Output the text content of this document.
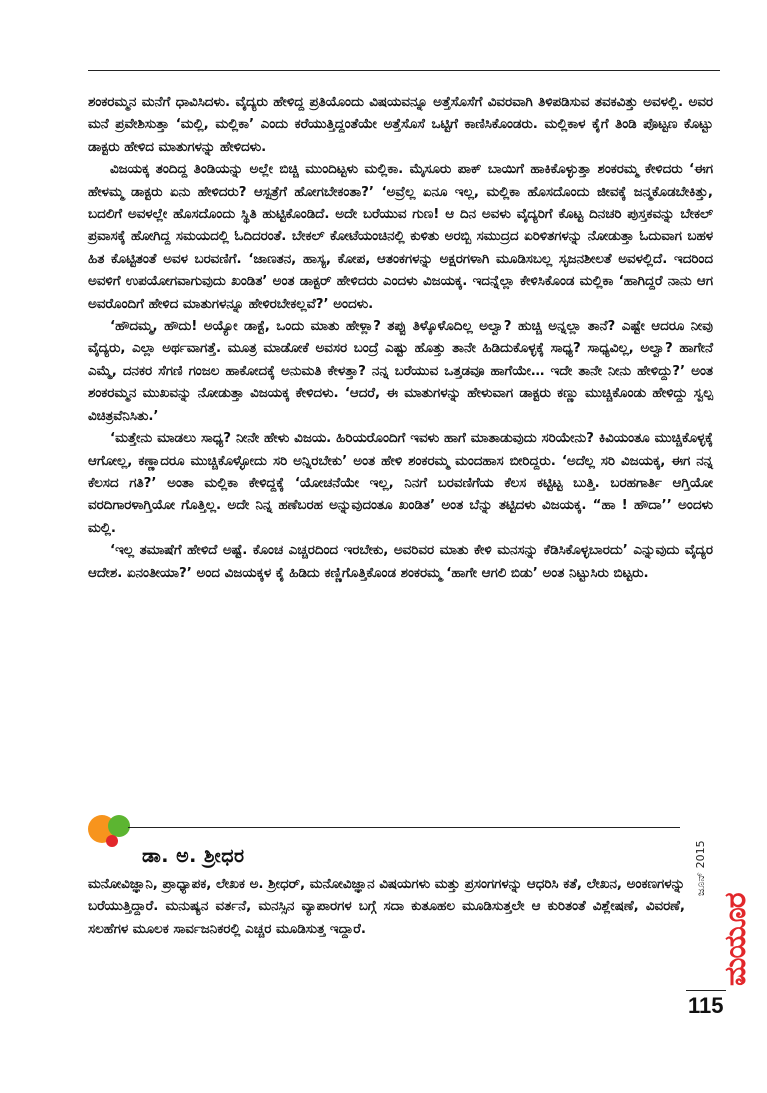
ಶಂಕರಮ್ಮನ ಮನೆಗೆ ಧಾವಿಸಿದಳು. ವೈದ್ಯರು ಹೇಳಿದ್ದ ಪ್ರತಿಯೊಂದು ವಿಷಯವನ್ನೂ ಅತ್ತೆಸೊಸೆಗೆ ವಿವರವಾಗಿ ತಿಳಿಪಡಿಸುವ ತವಕವಿತ್ತು ಅವಳಲ್ಲಿ. ಅವರ ಮನೆ ಪ್ರವೇಶಿಸುತ್ತಾ ‘ಮಲ್ಲಿ, ಮಲ್ಲಿಕಾ’ ಎಂದು ಕರೆಯುತ್ತಿದ್ದಂತೆಯೇ ಅತ್ತೆಸೊಸೆ ಒಟ್ಟಿಗೆ ಕಾಣಿಸಿಕೊಂಡರು. ಮಲ್ಲಿಕಾಳ ಕೈಗೆ ತಿಂಡಿ ಪೊಟ್ಟಣ ಕೊಟ್ಟು ಡಾಕ್ಟರು ಹೇಳಿದ ಮಾತುಗಳನ್ನು ಹೇಳಿದಳು.

ವಿಜಯಕ್ಕ ತಂದಿದ್ದ ತಿಂಡಿಯನ್ನು ಅಲ್ಲೇ ಬಿಚ್ಚಿ ಮುಂದಿಟ್ಟಳು ಮಲ್ಲಿಕಾ. ಮೈಸೂರು ಪಾಕ್ ಬಾಯಿಗೆ ಹಾಕಿಕೊಳ್ಳುತ್ತಾ ಶಂಕರಮ್ಮ ಕೇಳಿದರು ‘ಈಗ ಹೇಳಮ್ಮ ಡಾಕ್ಟರು ಏನು ಹೇಳಿದರು? ಆಸ್ಪತ್ರೆಗೆ ಹೋಗಬೇಕಂತಾ?’ ‘ಅವ್ರೆಲ್ಲ ಏನೂ ಇಲ್ಲ, ಮಲ್ಲಿಕಾ ಹೊಸದೊಂದು ಜೀವಕ್ಕೆ ಜನ್ಮಕೊಡಬೇಕಿತ್ತು, ಬದಲಿಗೆ ಅವಳಲ್ಲೇ ಹೊಸದೊಂದು ಸ್ಥಿತಿ ಹುಟ್ಟಿಕೊಂಡಿದೆ. ಅದೇ ಬರೆಯುವ ಗುಣ! ಆ ದಿನ ಅವಳು ವೈದ್ಯರಿಗೆ ಕೊಟ್ಟ ದಿನಚರಿ ಪುಸ್ತಕವನ್ನು ಬೇಕಲ್ ಪ್ರವಾಸಕ್ಕೆ ಹೋಗಿದ್ದ ಸಮಯದಲ್ಲಿ ಓದಿದರಂತೆ. ಬೇಕಲ್ ಕೋಟೆಯಂಚಿನಲ್ಲಿ ಕುಳಿತು ಅರಬ್ಬಿ ಸಮುದ್ರದ ಏರಿಳಿತಗಳನ್ನು ನೋಡುತ್ತಾ ಓದುವಾಗ ಬಹಳ ಹಿತ ಕೊಟ್ಟಿತಂತೆ ಅವಳ ಬರವಣಿಗೆ. ‘ಜಾಣತನ, ಹಾಸ್ಯ, ಕೋಪ, ಆತಂಕಗಳನ್ನು ಅಕ್ಷರಗಳಾಗಿ ಮೂಡಿಸಬಲ್ಲ ಸೃಜನಶೀಲತೆ ಅವಳಲ್ಲಿದೆ. ಇದರಿಂದ ಅವಳಿಗೆ ಉಪಯೋಗವಾಗುವುದು ಖಂಡಿತ’ ಅಂತ ಡಾಕ್ಟರ್ ಹೇಳಿದರು ಎಂದಳು ವಿಜಯಕ್ಕ. ಇದನ್ನೆಲ್ಲಾ ಕೇಳಿಸಿಕೊಂಡ ಮಲ್ಲಿಕಾ ‘ಹಾಗಿದ್ದರೆ ನಾನು ಆಗ ಅವರೊಂದಿಗೆ ಹೇಳಿದ ಮಾತುಗಳನ್ನೂ ಹೇಳಿರಬೇಕಲ್ಲವೆ?’ ಅಂದಳು.

‘ಹೌದಮ್ಮ, ಹೌದು! ಅಯ್ಯೋ ಡಾಕ್ಟೆ, ಒಂದು ಮಾತು ಹೇಳ್ಲಾ? ತಪ್ಪು ತಿಳ್ಕೊಳೊದಿಲ್ಲ ಅಲ್ವಾ? ಹುಚ್ಚಿ ಅನ್ನಲ್ಲಾ ತಾನೆ? ಎಷ್ಟೇ ಆದರೂ ನೀವು ವೈದ್ಯರು, ಎಲ್ಲಾ ಅರ್ಥವಾಗತ್ತೆ. ಮೂತ್ರ ಮಾಡೋಕೆ ಅವಸರ ಬಂದ್ರೆ ಎಷ್ಟು ಹೊತ್ತು ತಾನೇ ಹಿಡಿದುಕೊಳ್ಳಕ್ಕೆ ಸಾಧ್ಯ? ಸಾಧ್ಯವಿಲ್ಲ, ಅಲ್ವಾ? ಹಾಗೇನೆ ಎಮ್ಮೆ, ದನಕರ ಸೆಗಣಿ ಗಂಜಲ ಹಾಕೋದಕ್ಕೆ ಅನುಮತಿ ಕೇಳತ್ತಾ? ನನ್ನ ಬರೆಯುವ ಒತ್ತಡವೂ ಹಾಗೆಯೇ… ಇದೇ ತಾನೇ ನೀನು ಹೇಳಿದ್ದು?’ ಅಂತ ಶಂಕರಮ್ಮನ ಮುಖವನ್ನು ನೋಡುತ್ತಾ ವಿಜಯಕ್ಕ ಕೇಳಿದಳು. ‘ಆದರೆ, ಈ ಮಾತುಗಳನ್ನು ಹೇಳುವಾಗ ಡಾಕ್ಟರು ಕಣ್ಣು ಮುಚ್ಚಿಕೊಂಡು ಹೇಳಿದ್ದು ಸ್ವಲ್ಪ ವಿಚಿತ್ರವೆನಿಸಿತು.’

‘ಮತ್ತೇನು ಮಾಡಲು ಸಾಧ್ಯ? ನೀನೇ ಹೇಳು ವಿಜಯ. ಹಿರಿಯರೊಂದಿಗೆ ಇವಳು ಹಾಗೆ ಮಾತಾಡುವುದು ಸರಿಯೇನು? ಕಿವಿಯಂತೂ ಮುಚ್ಚಿಕೊಳ್ಳಕ್ಕೆ ಆಗೋಲ್ಲ, ಕಣ್ಣಾದರೂ ಮುಚ್ಚಿಕೊಳ್ಳೋದು ಸರಿ ಅನ್ನಿರಬೇಕು’ ಅಂತ ಹೇಳಿ ಶಂಕರಮ್ಮ ಮಂದಹಾಸ ಬೀರಿದ್ದರು. ‘ಅದೆಲ್ಲ ಸರಿ ವಿಜಯಕ್ಕ, ಈಗ ನನ್ನ ಕೆಲಸದ ಗತಿ?’ ಅಂತಾ ಮಲ್ಲಿಕಾ ಕೇಳಿದ್ದಕ್ಕೆ ‘ಯೋಚನೆಯೇ ಇಲ್ಲ, ನಿನಗೆ ಬರವಣಿಗೆಯ ಕೆಲಸ ಕಟ್ಟಿಟ್ಟ ಬುತ್ತಿ. ಬರಹಗಾರ್ತಿ ಆಗ್ತಿಯೋ ವರದಿಗಾರಳಾಗ್ತಿಯೋ ಗೊತ್ತಿಲ್ಲ. ಅದೇ ನಿನ್ನ ಹಣೆಬರಹ ಅನ್ನುವುದಂತೂ ಖಂಡಿತ’ ಅಂತ ಬೆನ್ನು ತಟ್ಟಿದಳು ವಿಜಯಕ್ಕ. “ಹಾ ! ಹೌದಾ’’ ಅಂದಳು ಮಲ್ಲಿ.

‘ಇಲ್ಲ ತಮಾಷೆಗೆ ಹೇಳಿದೆ ಅಷ್ಟೆ. ಕೊಂಚ ಎಚ್ಚರದಿಂದ ಇರಬೇಕು, ಅವರಿವರ ಮಾತು ಕೇಳಿ ಮನಸನ್ನು ಕೆಡಿಸಿಕೊಳ್ಳಬಾರದು’ ಎನ್ನುವುದು ವೈದ್ಯರ ಆದೇಶ. ಏನಂತೀಯಾ?’ ಅಂದ ವಿಜಯಕ್ಕಳ ಕೈ ಹಿಡಿದು ಕಣ್ಣಿಗೊತ್ತಿಕೊಂಡ ಶಂಕರಮ್ಮ ‘ಹಾಗೇ ಆಗಲಿ ಬಿಡು’ ಅಂತ ನಿಟ್ಟುಸಿರು ಬಿಟ್ಟರು.

ಡಾ. ಅ. ಶ್ರೀಧರ

ಮನೋವಿಜ್ಞಾನಿ, ಪ್ರಾಧ್ಯಾಪಕ, ಲೇಖಕ ಅ. ಶ್ರೀಧರ್, ಮನೋವಿಜ್ಞಾನ ವಿಷಯಗಳು ಮತ್ತು ಪ್ರಸಂಗಗಳನ್ನು ಆಧರಿಸಿ ಕತೆ, ಲೇಖನ, ಅಂಕಣಗಳನ್ನು ಬರೆಯುತ್ತಿದ್ದಾರೆ. ಮನುಷ್ಯನ ವರ್ತನೆ, ಮನಸ್ಸಿನ ವ್ಯಾಪಾರಗಳ ಬಗ್ಗೆ ಸದಾ ಕುತೂಹಲ ಮೂಡಿಸುತ್ತಲೇ ಆ ಕುರಿತಂತೆ ವಿಶ್ಲೇಷಣೆ, ವಿವರಣೆ, ಸಲಹೆಗಳ ಮೂಲಕ ಸಾರ್ವಜನಿಕರಲ್ಲಿ ಎಚ್ಚರ ಮೂಡಿಸುತ್ತ ಇದ್ದಾರೆ.

ಜೂನ್ 2015
ಮಯೂರ
115
